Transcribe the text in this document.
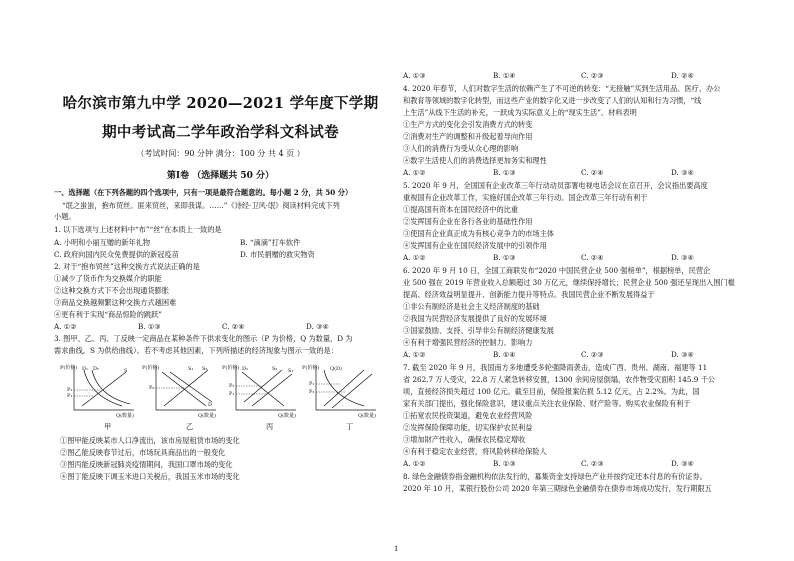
哈尔滨市第九中学 2020—2021 学年度下学期
期中考试高二学年政治学科文科试卷
（考试时间：90 分钟 满分：100 分 共 4 页 ）
第Ⅰ卷 （选择题共 50 分）
一、选择题（在下列各题的四个选项中，只有一项是最符合题意的。每小题 2 分，共 50 分）
“氓之蚩蚩，抱布贸丝。匪来贸丝，来即我谋。……”《诗经·卫风·氓》阅读材料完成下列
小题。
1. 以下选项与上述材料中“布”“丝”在本质上一致的是
A. 小明和小丽互赠的新年礼物	B. “滴滴”打车软件
C. 政府向国内民众免费提供的新冠疫苗	D. 市民捐赠的救灾物资
2. 对于“抱布贸丝”这种交换方式说法正确的是
①减少了货币作为交换媒介的职能
②这种交换方式下不会出现通货膨胀
③商品交换越频繁这种交换方式越困难
④更有利于实现“商品惊险的跳跃”
A. ①②	B. ①③	C. ②④	D. ③④
3. 图甲、乙、丙、丁反映一定商品在某种条件下供求变化的图示（P 为价格，Q 为数量，D 为
需求曲线，S 为供给曲线）。若不考虑其他因素，下列所描述的经济现象与图示一致的是：
P(价格)
Q(数量)
D₁ D₂	S
P₂
P₁
P(价格)
Q(数量)
S₁ S₂
D
P₀
P(价格)
Q(数量)
S₂ S₁
D₂
P₂
P₁
P(价格)
Q(数量)
Q(D)
P₁
P₂
甲	乙	丙	丁
①图甲能反映某市人口净流出，该市房屋租赁市场的变化
②图乙能反映春节过后，市场玩具商品出的一般变化
③图丙能反映新冠肺炎疫情期间，我国口罩市场的变化
④图丁能反映下调玉米进口关税后，我国玉米市场的变化
A. ①③	B. ①④	C. ②③	D. ②④
4. 2020 年春节，人们对数字生活的依赖产生了不可逆的转变：“无接触”买到生活用品、医疗、办公
和教育等领域的数字化转型，而这些产业的数字化又进一步改变了人们的认知和行为习惯，“线
上生活”从线下生活的补充，一跃成为实际意义上的“现实生活”。材料表明
①生产方式的变化会引发消费方式的转变
②消费对生产的调整和升级起着导向作用
③人们的消费行为受从众心理的影响
④数字生活使人们的消费选择更加务实和理性
A. ①②	B. ①③	C. ②④	D. ③④
5. 2020 年 9 月，全国国有企业改革三年行动动员部署电视电话会议在京召开，会议指出要高度
重视国有企业改革工作，实施好国企改革三年行动。国企改革三年行动有利于
①提高国有资本在国民经济中的比重
②发挥国有企业在各行各业的基础性作用
③使国有企业真正成为有核心竞争力的市场主体
④发挥国有企业在国民经济发展中的引领作用
A. ①②	B. ①③	C. ②④	D. ③④
6. 2020 年 9 月 10 日，全国工商联发布“2020 中国民营企业 500 强榜单”，根据榜单，民营企
业 500 强在 2019 年营业收入总额超过 30 万亿元，继续保持增长；民营企业 500 强还呈现出入围门槛
提高、经济效益明显提升、创新能力提升等特点。我国民营企业不断发展得益于
①非公有制经济是社会主义经济制度的基础
②我国为民营经济发展提供了良好的发展环境
③国家鼓励、支持、引导非公有制经济健康发展
④有利于增强民营经济的控制力、影响力
A. ①②	B. ①④	C. ②③	D. ③④
7. 截至 2020 年 9 月，我国南方多地遭受多轮强降雨袭击，造成广西、贵州、湖南、福建等 11
省 262.7 万人受灾，22.8 万人紧急转移安置，1300 余间房屋倒塌，农作物受灾面积 145.9 千公
顷，直接经济损失超过 100 亿元。截至目前，保险报案估损 5.12 亿元，占 2.2%。为此，国
家有关部门提出，强化保险意识，建议重点关注农业保险、财产险等。购买农业保险有利于
①拓宽农民投资渠道，避免农业经营风险
②发挥保险保障功能，切实保护农民利益
③增加財产性收入，确保农民稳定增收
④有利于稳定农业经营，将风险转移给保险人
A. ①②	B. ①③	C. ②③	D. ③④
8. 绿色金融债券指金融机构依法发行的，募集资金支持绿色产业并按约定还本付息的有价证券。
2020 年 10 月，某银行股份公司 2020 年第三期绿色金融债券在债券市场成功发行，发行期限五
1
